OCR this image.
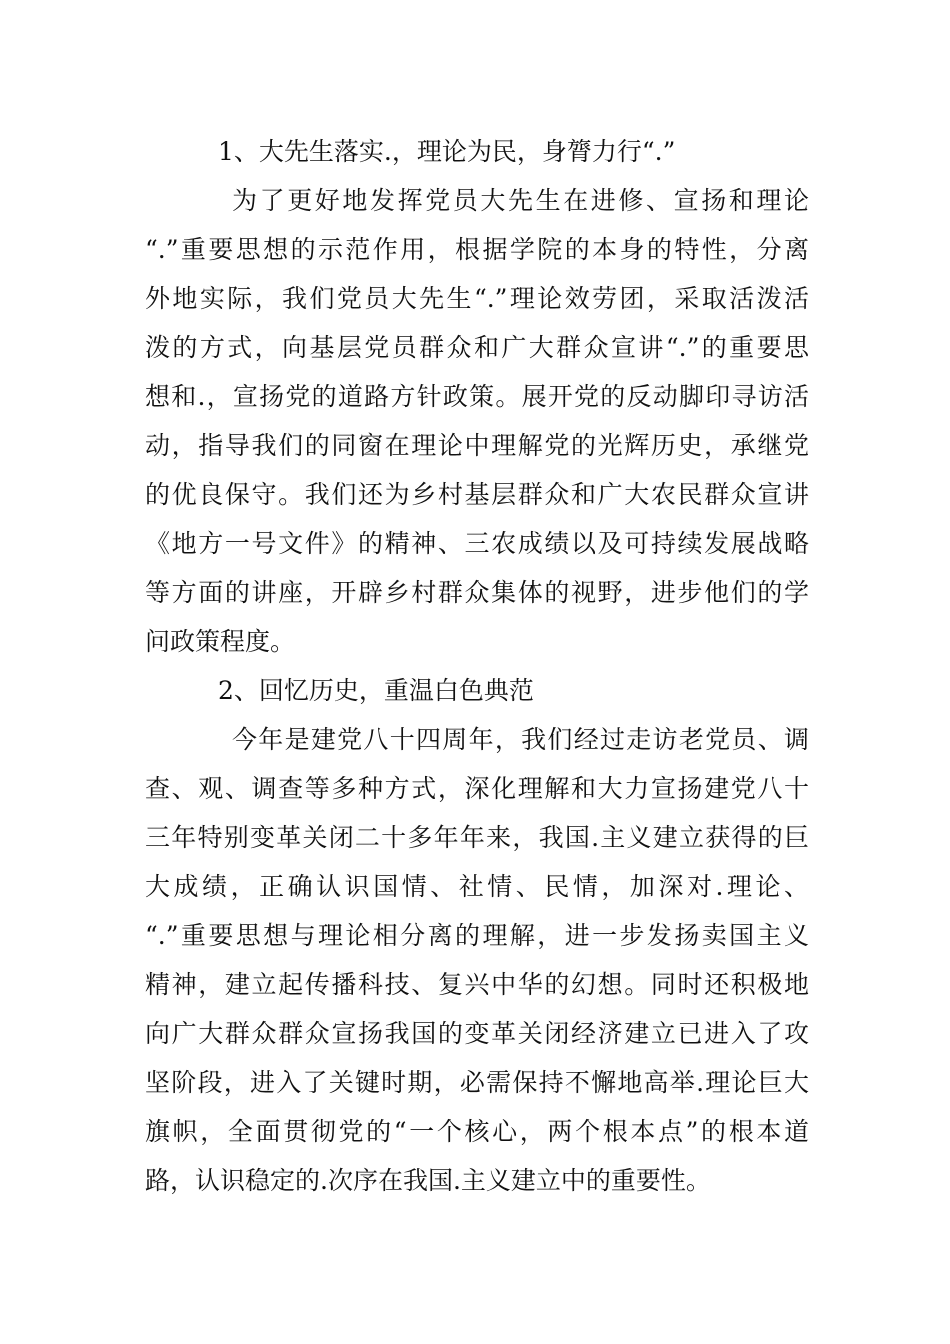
1、大先生落实.，理论为民，身膂力行“.”
为了更好地发挥党员大先生在进修、宣扬和理论
“.”重要思想的示范作用，根据学院的本身的特性，分离
外地实际，我们党员大先生“.”理论效劳团，采取活泼活
泼的方式，向基层党员群众和广大群众宣讲“.”的重要思
想和.，宣扬党的道路方针政策。展开党的反动脚印寻访活
动，指导我们的同窗在理论中理解党的光辉历史，承继党
的优良保守。我们还为乡村基层群众和广大农民群众宣讲
《地方一号文件》的精神、三农成绩以及可持续发展战略
等方面的讲座，开辟乡村群众集体的视野，进步他们的学
问政策程度。
2、回忆历史，重温白色典范
今年是建党八十四周年，我们经过走访老党员、调
查、观、调查等多种方式，深化理解和大力宣扬建党八十
三年特别变革关闭二十多年年来，我国.主义建立获得的巨
大成绩，正确认识国情、社情、民情，加深对.理论、
“.”重要思想与理论相分离的理解，进一步发扬卖国主义
精神，建立起传播科技、复兴中华的幻想。同时还积极地
向广大群众群众宣扬我国的变革关闭经济建立已进入了攻
坚阶段，进入了关键时期，必需保持不懈地高举.理论巨大
旗帜，全面贯彻党的“一个核心，两个根本点”的根本道
路，认识稳定的.次序在我国.主义建立中的重要性。
